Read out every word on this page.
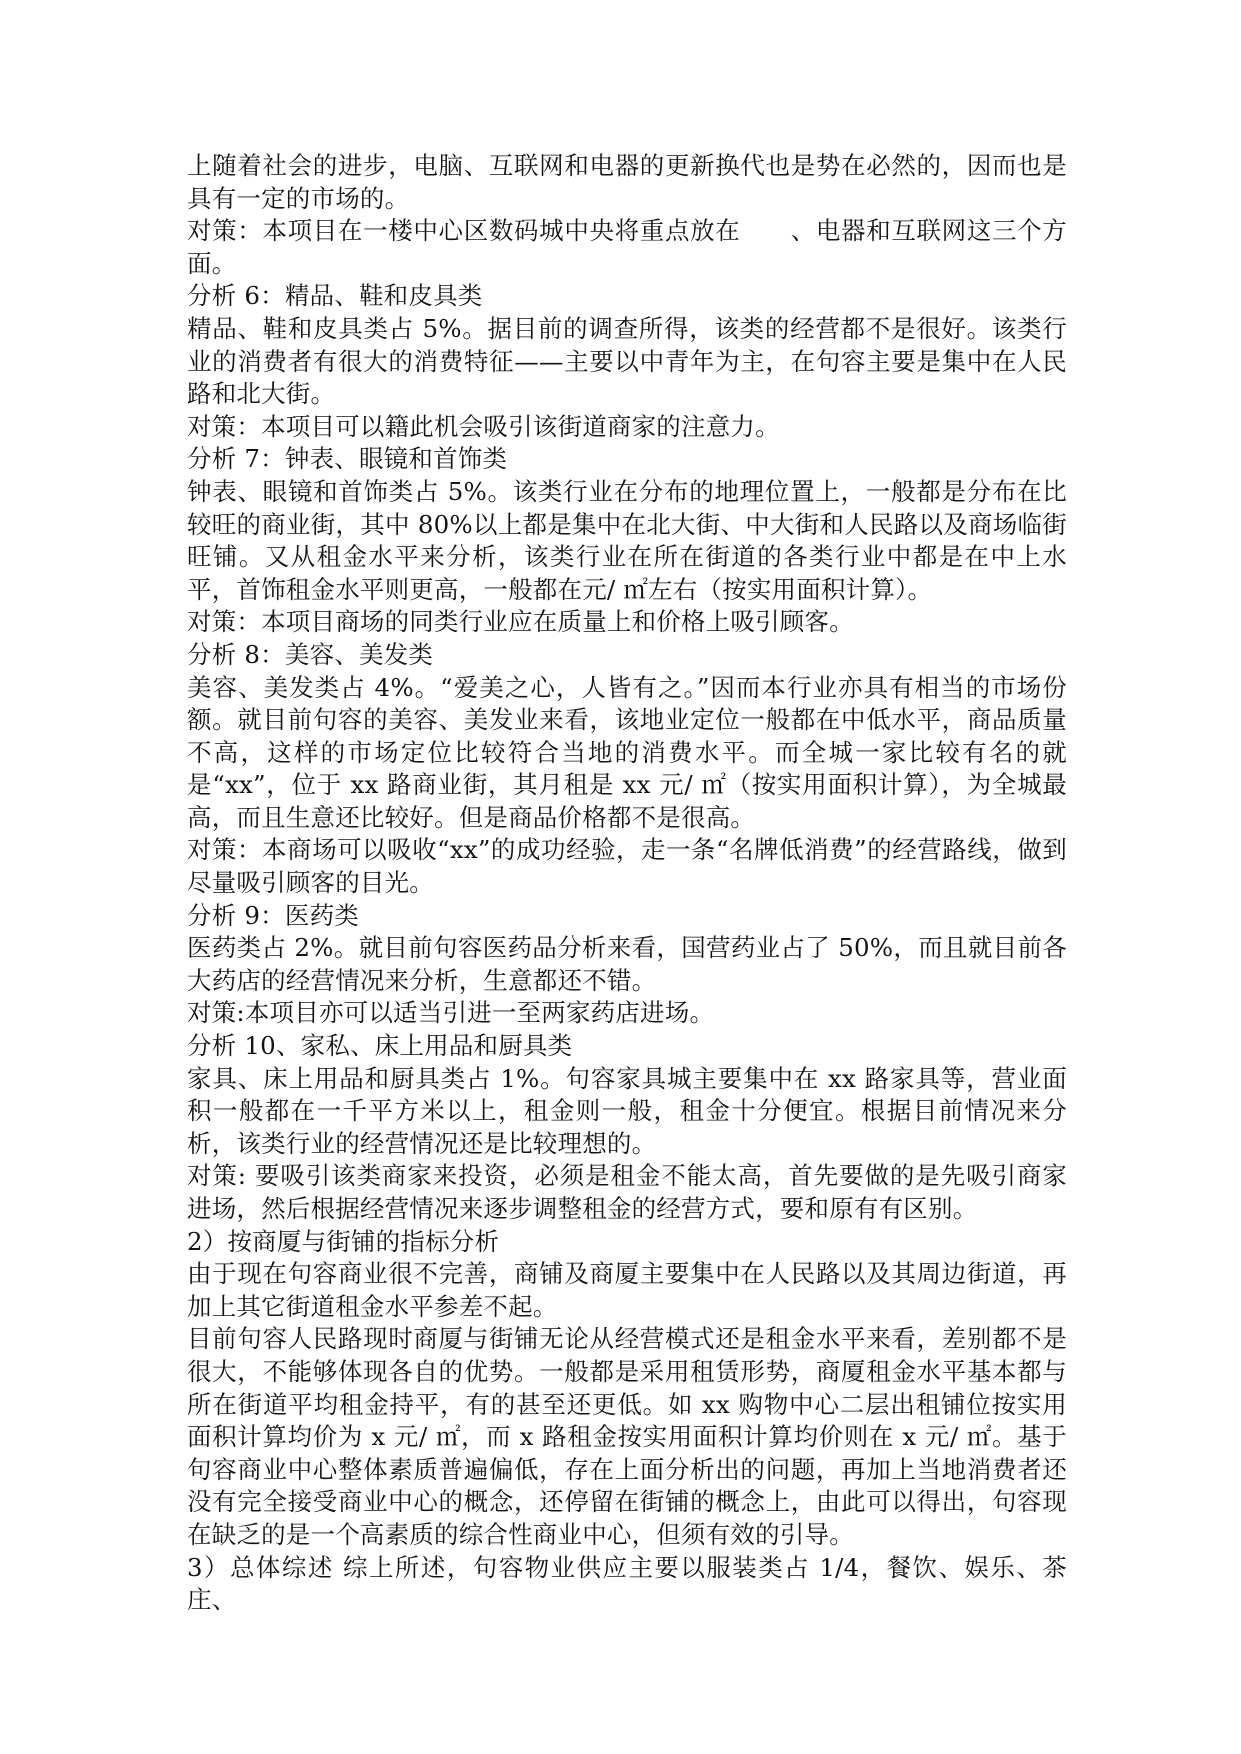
上随着社会的进步，电脑、互联网和电器的更新换代也是势在必然的，因而也是具有一定的市场的。

对策：本项目在一楼中心区数码城中央将重点放在　　、电器和互联网这三个方面。

分析 6：精品、鞋和皮具类

精品、鞋和皮具类占 5%。据目前的调查所得，该类的经营都不是很好。该类行业的消费者有很大的消费特征——主要以中青年为主，在句容主要是集中在人民路和北大街。

对策：本项目可以籍此机会吸引该街道商家的注意力。

分析 7：钟表、眼镜和首饰类

钟表、眼镜和首饰类占 5%。该类行业在分布的地理位置上，一般都是分布在比较旺的商业街，其中 80%以上都是集中在北大街、中大街和人民路以及商场临街旺铺。又从租金水平来分析，该类行业在所在街道的各类行业中都是在中上水平，首饰租金水平则更高，一般都在元/ ㎡左右（按实用面积计算）。

对策：本项目商场的同类行业应在质量上和价格上吸引顾客。

分析 8：美容、美发类

美容、美发类占 4%。“爱美之心，人皆有之。”因而本行业亦具有相当的市场份额。就目前句容的美容、美发业来看，该地业定位一般都在中低水平，商品质量不高，这样的市场定位比较符合当地的消费水平。而全城一家比较有名的就是“xx”，位于 xx 路商业街，其月租是 xx 元/ ㎡（按实用面积计算），为全城最高，而且生意还比较好。但是商品价格都不是很高。

对策：本商场可以吸收“xx”的成功经验，走一条“名牌低消费”的经营路线，做到尽量吸引顾客的目光。

分析 9：医药类

医药类占 2%。就目前句容医药品分析来看，国营药业占了 50%，而且就目前各大药店的经营情况来分析，生意都还不错。

对策:本项目亦可以适当引进一至两家药店进场。

分析 10、家私、床上用品和厨具类

家具、床上用品和厨具类占 1%。句容家具城主要集中在 xx 路家具等，营业面积一般都在一千平方米以上，租金则一般，租金十分便宜。根据目前情况来分析，该类行业的经营情况还是比较理想的。

对策: 要吸引该类商家来投资，必须是租金不能太高，首先要做的是先吸引商家进场，然后根据经营情况来逐步调整租金的经营方式，要和原有有区别。

2）按商厦与街铺的指标分析

由于现在句容商业很不完善，商铺及商厦主要集中在人民路以及其周边街道，再加上其它街道租金水平参差不起。

目前句容人民路现时商厦与街铺无论从经营模式还是租金水平来看，差别都不是很大，不能够体现各自的优势。一般都是采用租赁形势，商厦租金水平基本都与所在街道平均租金持平，有的甚至还更低。如 xx 购物中心二层出租铺位按实用面积计算均价为 x 元/ ㎡，而 x 路租金按实用面积计算均价则在 x 元/ ㎡。基于句容商业中心整体素质普遍偏低，存在上面分析出的问题，再加上当地消费者还没有完全接受商业中心的概念，还停留在街铺的概念上，由此可以得出，句容现在缺乏的是一个高素质的综合性商业中心，但须有效的引导。

3）总体综述 综上所述，句容物业供应主要以服装类占 1/4，餐饮、娱乐、茶庄、
